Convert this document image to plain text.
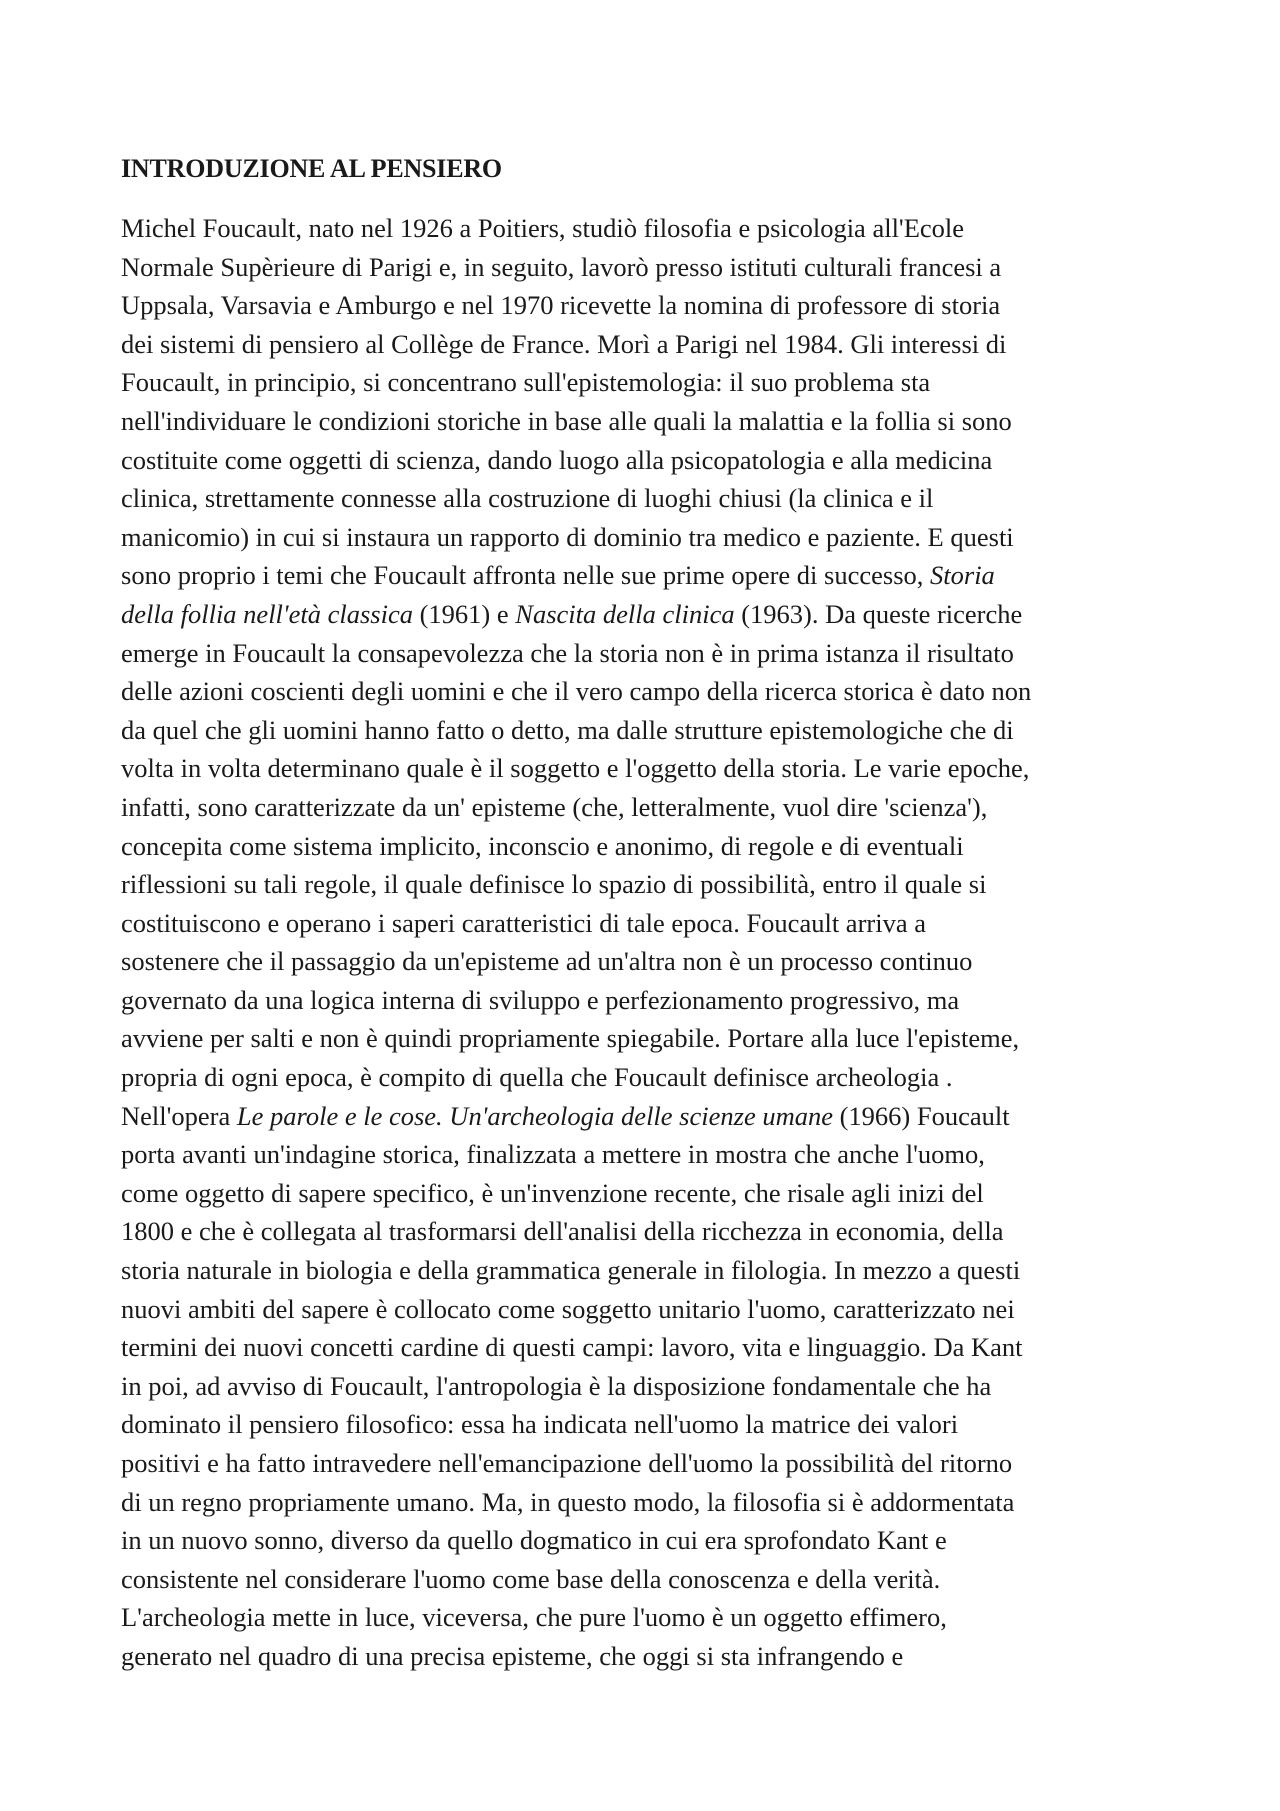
INTRODUZIONE AL PENSIERO
Michel Foucault, nato nel 1926 a Poitiers, studiò filosofia e psicologia all'Ecole
Normale Supèrieure di Parigi e, in seguito, lavorò presso istituti culturali francesi a
Uppsala, Varsavia e Amburgo e nel 1970 ricevette la nomina di professore di storia
dei sistemi di pensiero al Collège de France. Morì a Parigi nel 1984. Gli interessi di
Foucault, in principio, si concentrano sull'epistemologia: il suo problema sta
nell'individuare le condizioni storiche in base alle quali la malattia e la follia si sono
costituite come oggetti di scienza, dando luogo alla psicopatologia e alla medicina
clinica, strettamente connesse alla costruzione di luoghi chiusi (la clinica e il
manicomio) in cui si instaura un rapporto di dominio tra medico e paziente. E questi
sono proprio i temi che Foucault affronta nelle sue prime opere di successo, Storia
della follia nell'età classica (1961) e Nascita della clinica (1963). Da queste ricerche
emerge in Foucault la consapevolezza che la storia non è in prima istanza il risultato
delle azioni coscienti degli uomini e che il vero campo della ricerca storica è dato non
da quel che gli uomini hanno fatto o detto, ma dalle strutture epistemologiche che di
volta in volta determinano quale è il soggetto e l'oggetto della storia. Le varie epoche,
infatti, sono caratterizzate da un' episteme (che, letteralmente, vuol dire 'scienza'),
concepita come sistema implicito, inconscio e anonimo, di regole e di eventuali
riflessioni su tali regole, il quale definisce lo spazio di possibilità, entro il quale si
costituiscono e operano i saperi caratteristici di tale epoca. Foucault arriva a
sostenere che il passaggio da un'episteme ad un'altra non è un processo continuo
governato da una logica interna di sviluppo e perfezionamento progressivo, ma
avviene per salti e non è quindi propriamente spiegabile. Portare alla luce l'episteme,
propria di ogni epoca, è compito di quella che Foucault definisce archeologia .
Nell'opera Le parole e le cose. Un'archeologia delle scienze umane (1966) Foucault
porta avanti un'indagine storica, finalizzata a mettere in mostra che anche l'uomo,
come oggetto di sapere specifico, è un'invenzione recente, che risale agli inizi del
1800 e che è collegata al trasformarsi dell'analisi della ricchezza in economia, della
storia naturale in biologia e della grammatica generale in filologia. In mezzo a questi
nuovi ambiti del sapere è collocato come soggetto unitario l'uomo, caratterizzato nei
termini dei nuovi concetti cardine di questi campi: lavoro, vita e linguaggio. Da Kant
in poi, ad avviso di Foucault, l'antropologia è la disposizione fondamentale che ha
dominato il pensiero filosofico: essa ha indicata nell'uomo la matrice dei valori
positivi e ha fatto intravedere nell'emancipazione dell'uomo la possibilità del ritorno
di un regno propriamente umano. Ma, in questo modo, la filosofia si è addormentata
in un nuovo sonno, diverso da quello dogmatico in cui era sprofondato Kant e
consistente nel considerare l'uomo come base della conoscenza e della verità.
L'archeologia mette in luce, viceversa, che pure l'uomo è un oggetto effimero,
generato nel quadro di una precisa episteme, che oggi si sta infrangendo e
